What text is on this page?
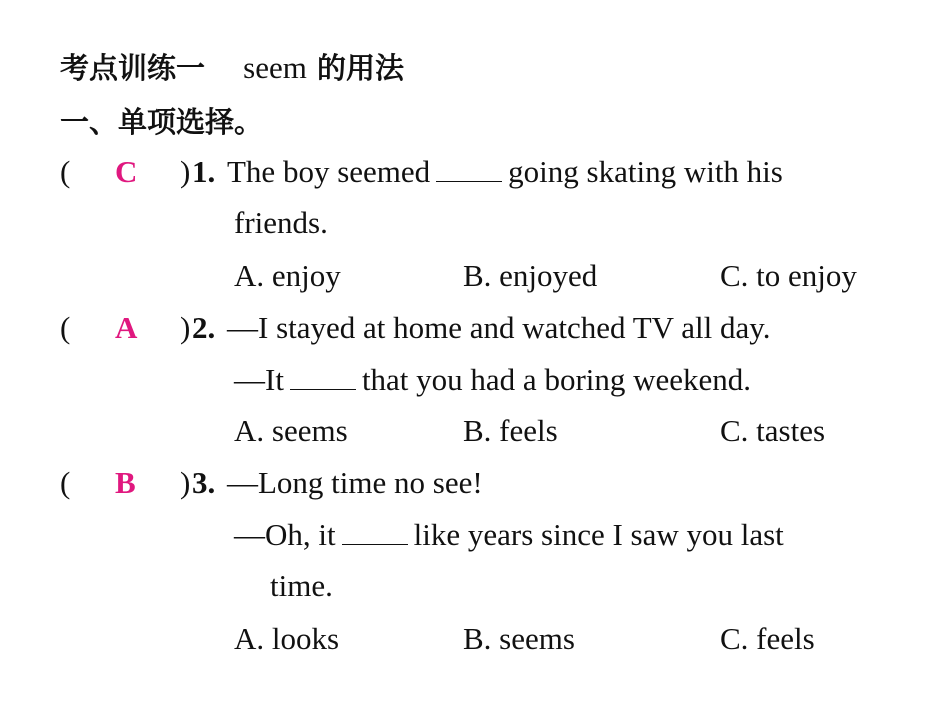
考点训练一 seem 的用法
一、单项选择。
( C ) 1. The boy seemed	going skating with his
friends.
A. enjoy	B. enjoyed	C. to enjoy
( A ) 2. —I stayed at home and watched TV all day.
—It	that you had a boring weekend.
A. seems	B. feels	C. tastes
( B ) 3. —Long time no see!
—Oh, it	like years since I saw you last
time.
A. looks	B. seems	C. feels
